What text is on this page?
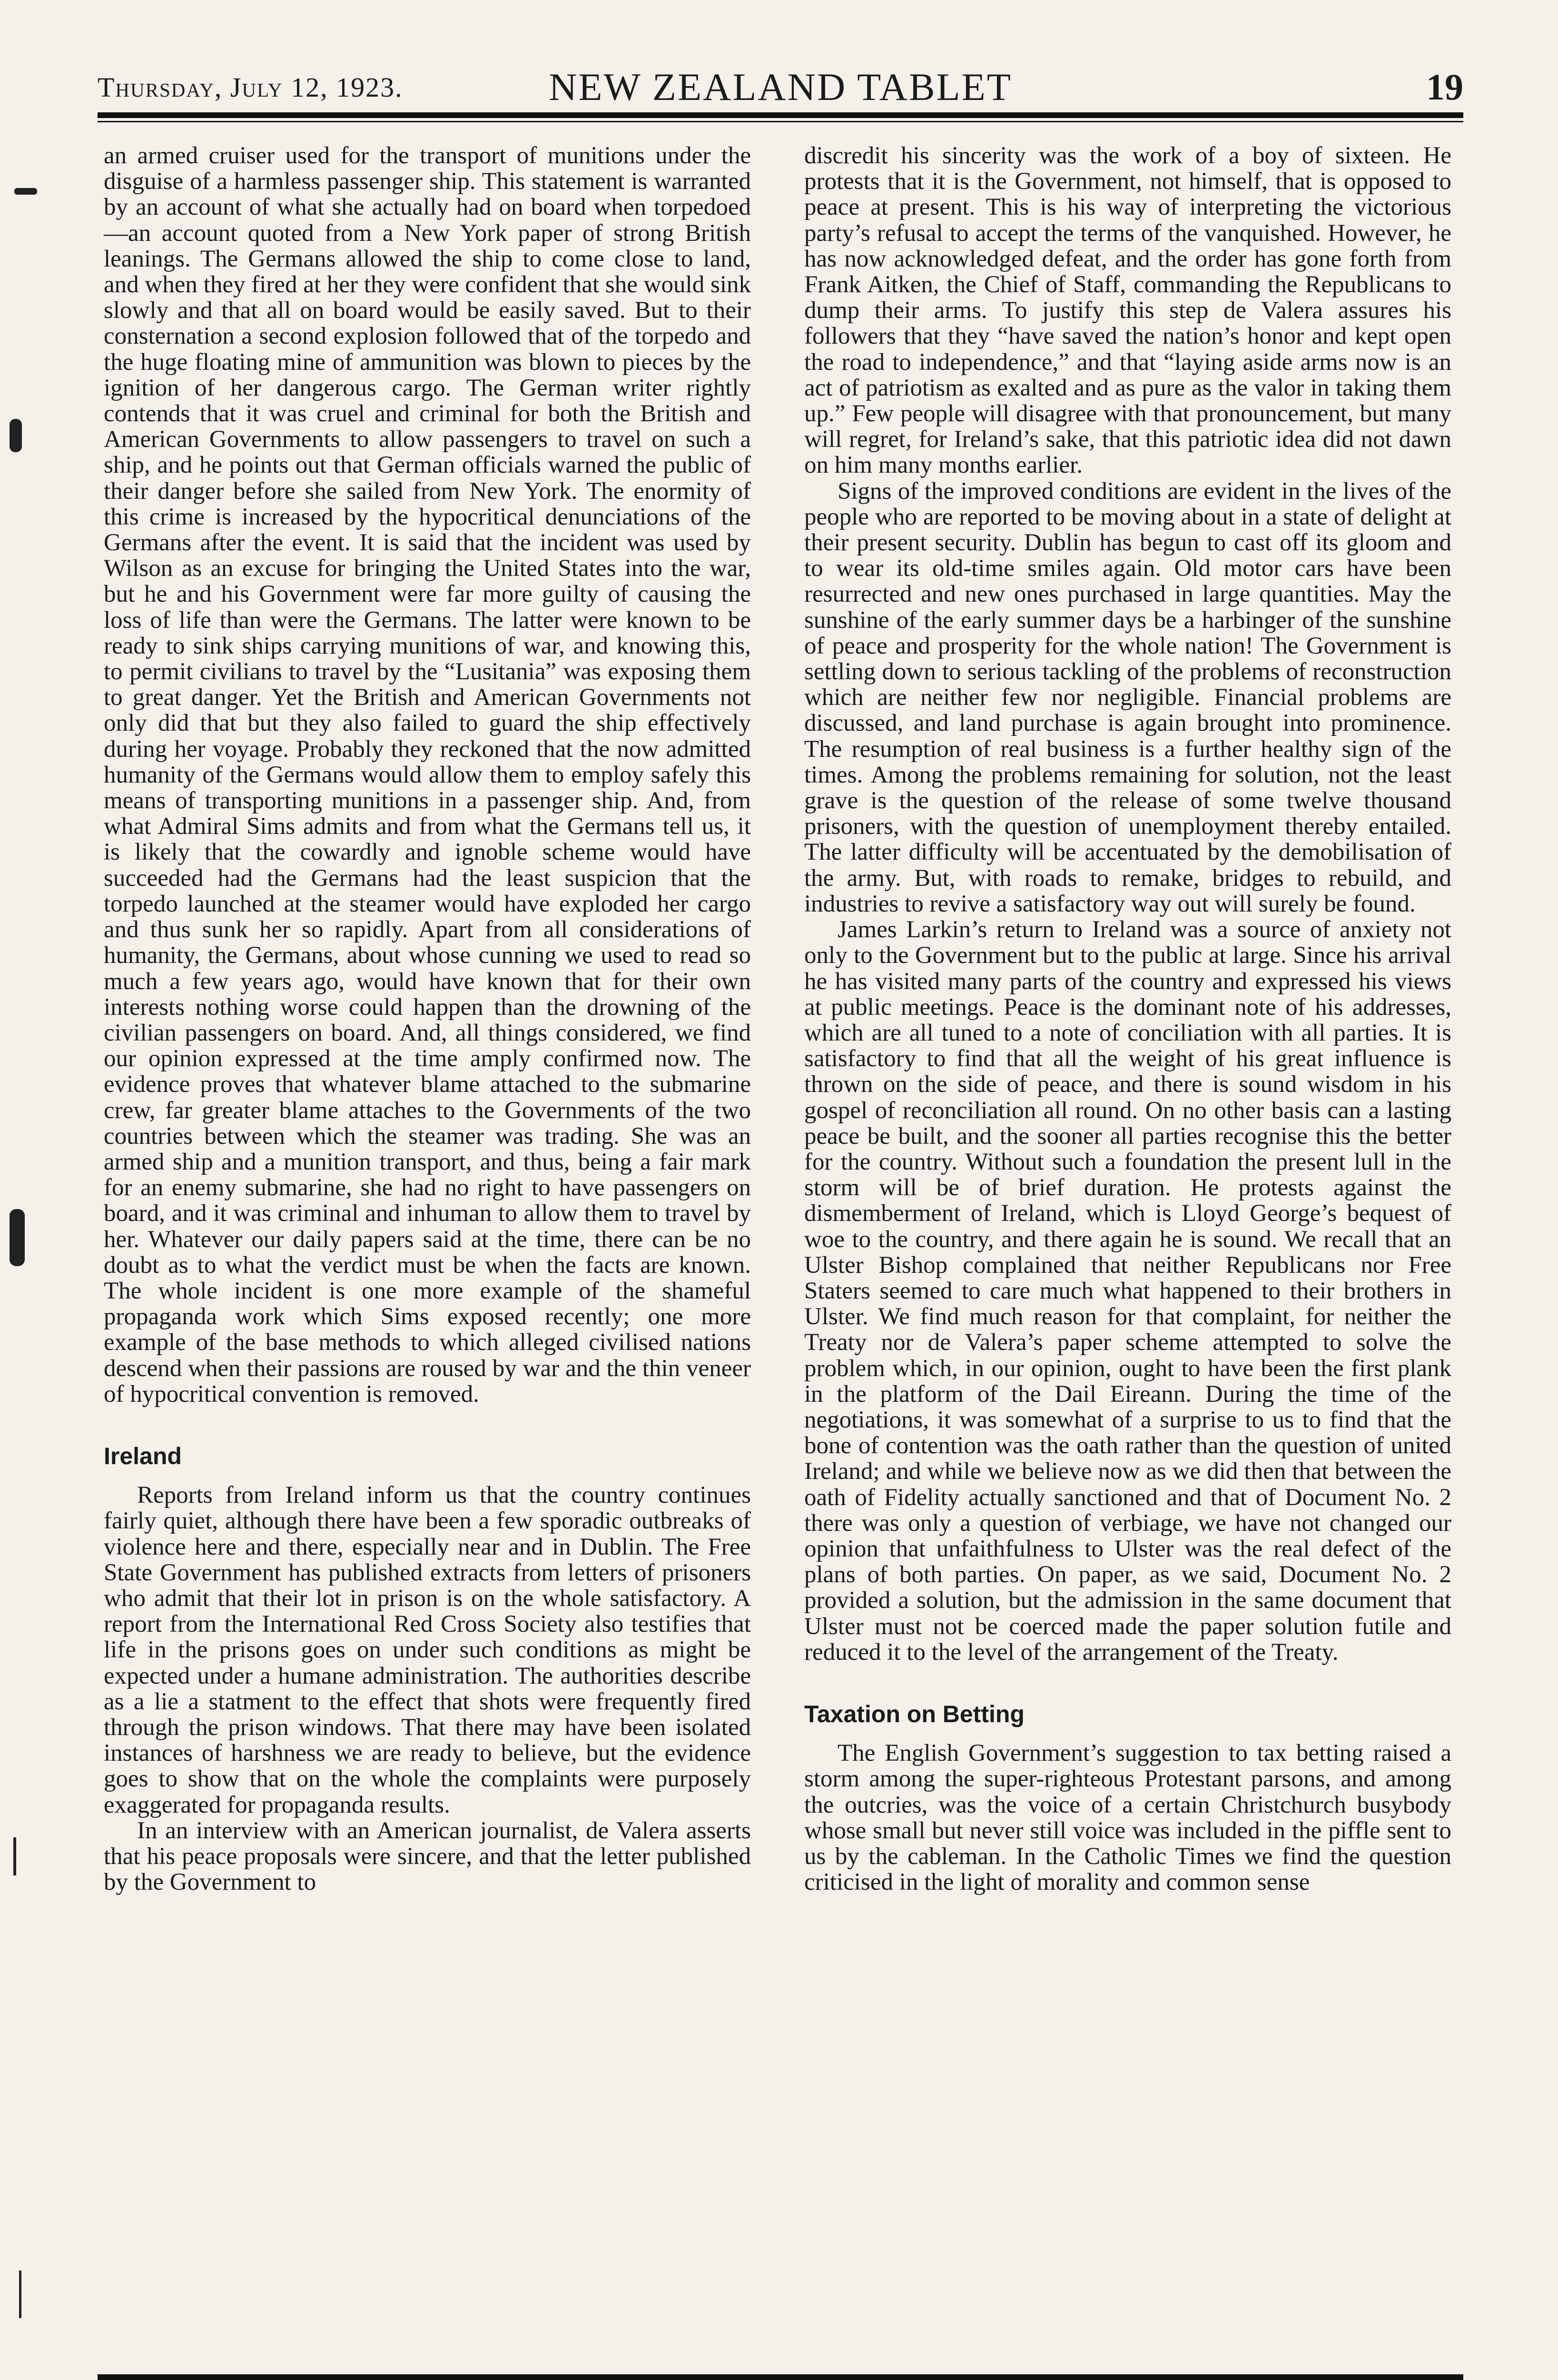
Thursday, July 12, 1923.	NEW ZEALAND TABLET	19

an armed cruiser used for the transport of munitions under the disguise of a harmless passenger ship. This statement is warranted by an account of what she actually had on board when torpedoed—an account quoted from a New York paper of strong British leanings. The Germans allowed the ship to come close to land, and when they fired at her they were confident that she would sink slowly and that all on board would be easily saved. But to their consternation a second explosion followed that of the torpedo and the huge floating mine of ammunition was blown to pieces by the ignition of her dangerous cargo. The German writer rightly contends that it was cruel and criminal for both the British and American Governments to allow passengers to travel on such a ship, and he points out that German officials warned the public of their danger before she sailed from New York. The enormity of this crime is increased by the hypocritical denunciations of the Germans after the event. It is said that the incident was used by Wilson as an excuse for bringing the United States into the war, but he and his Government were far more guilty of causing the loss of life than were the Germans. The latter were known to be ready to sink ships carrying munitions of war, and knowing this, to permit civilians to travel by the “Lusitania” was exposing them to great danger. Yet the British and American Governments not only did that but they also failed to guard the ship effectively during her voyage. Probably they reckoned that the now admitted humanity of the Germans would allow them to employ safely this means of transporting munitions in a passenger ship. And, from what Admiral Sims admits and from what the Germans tell us, it is likely that the cowardly and ignoble scheme would have succeeded had the Germans had the least suspicion that the torpedo launched at the steamer would have exploded her cargo and thus sunk her so rapidly. Apart from all considerations of humanity, the Germans, about whose cunning we used to read so much a few years ago, would have known that for their own interests nothing worse could happen than the drowning of the civilian passengers on board. And, all things considered, we find our opinion expressed at the time amply confirmed now. The evidence proves that whatever blame attached to the submarine crew, far greater blame attaches to the Governments of the two countries between which the steamer was trading. She was an armed ship and a munition transport, and thus, being a fair mark for an enemy submarine, she had no right to have passengers on board, and it was criminal and inhuman to allow them to travel by her. Whatever our daily papers said at the time, there can be no doubt as to what the verdict must be when the facts are known. The whole incident is one more example of the shameful propaganda work which Sims exposed recently; one more example of the base methods to which alleged civilised nations descend when their passions are roused by war and the thin veneer of hypocritical convention is removed.

Ireland

Reports from Ireland inform us that the country continues fairly quiet, although there have been a few sporadic outbreaks of violence here and there, especially near and in Dublin. The Free State Government has published extracts from letters of prisoners who admit that their lot in prison is on the whole satisfactory. A report from the International Red Cross Society also testifies that life in the prisons goes on under such conditions as might be expected under a humane administration. The authorities describe as a lie a statment to the effect that shots were frequently fired through the prison windows. That there may have been isolated instances of harshness we are ready to believe, but the evidence goes to show that on the whole the complaints were purposely exaggerated for propaganda results.

In an interview with an American journalist, de Valera asserts that his peace proposals were sincere, and that the letter published by the Government to

discredit his sincerity was the work of a boy of sixteen. He protests that it is the Government, not himself, that is opposed to peace at present. This is his way of interpreting the victorious party’s refusal to accept the terms of the vanquished. However, he has now acknowledged defeat, and the order has gone forth from Frank Aitken, the Chief of Staff, commanding the Republicans to dump their arms. To justify this step de Valera assures his followers that they “have saved the nation’s honor and kept open the road to independence,” and that “laying aside arms now is an act of patriotism as exalted and as pure as the valor in taking them up.” Few people will disagree with that pronouncement, but many will regret, for Ireland’s sake, that this patriotic idea did not dawn on him many months earlier.

Signs of the improved conditions are evident in the lives of the people who are reported to be moving about in a state of delight at their present security. Dublin has begun to cast off its gloom and to wear its old-time smiles again. Old motor cars have been resurrected and new ones purchased in large quantities. May the sunshine of the early summer days be a harbinger of the sunshine of peace and prosperity for the whole nation! The Government is settling down to serious tackling of the problems of reconstruction which are neither few nor negligible. Financial problems are discussed, and land purchase is again brought into prominence. The resumption of real business is a further healthy sign of the times. Among the problems remaining for solution, not the least grave is the question of the release of some twelve thousand prisoners, with the question of unemployment thereby entailed. The latter difficulty will be accentuated by the demobilisation of the army. But, with roads to remake, bridges to rebuild, and industries to revive a satisfactory way out will surely be found.

James Larkin’s return to Ireland was a source of anxiety not only to the Government but to the public at large. Since his arrival he has visited many parts of the country and expressed his views at public meetings. Peace is the dominant note of his addresses, which are all tuned to a note of conciliation with all parties. It is satisfactory to find that all the weight of his great influence is thrown on the side of peace, and there is sound wisdom in his gospel of reconciliation all round. On no other basis can a lasting peace be built, and the sooner all parties recognise this the better for the country. Without such a foundation the present lull in the storm will be of brief duration. He protests against the dismemberment of Ireland, which is Lloyd George’s bequest of woe to the country, and there again he is sound. We recall that an Ulster Bishop complained that neither Republicans nor Free Staters seemed to care much what happened to their brothers in Ulster. We find much reason for that complaint, for neither the Treaty nor de Valera’s paper scheme attempted to solve the problem which, in our opinion, ought to have been the first plank in the platform of the Dail Eireann. During the time of the negotiations, it was somewhat of a surprise to us to find that the bone of contention was the oath rather than the question of united Ireland; and while we believe now as we did then that between the oath of Fidelity actually sanctioned and that of Document No. 2 there was only a question of verbiage, we have not changed our opinion that unfaithfulness to Ulster was the real defect of the plans of both parties. On paper, as we said, Document No. 2 provided a solution, but the admission in the same document that Ulster must not be coerced made the paper solution futile and reduced it to the level of the arrangement of the Treaty.

Taxation on Betting

The English Government’s suggestion to tax betting raised a storm among the super-righteous Protestant parsons, and among the outcries, was the voice of a certain Christchurch busybody whose small but never still voice was included in the piffle sent to us by the cableman. In the Catholic Times we find the question criticised in the light of morality and common sense
